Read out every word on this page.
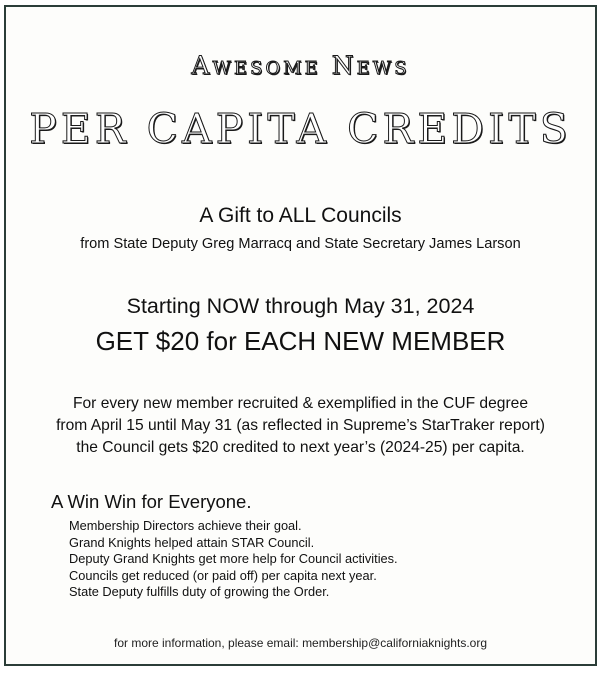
Awesome News
PER CAPITA CREDITS
A Gift to ALL Councils
from State Deputy Greg Marracq and State Secretary James Larson
Starting NOW through May 31, 2024
GET $20 for EACH NEW MEMBER
For every new member recruited & exemplified in the CUF degree
from April 15 until May 31 (as reflected in Supreme’s StarTraker report)
the Council gets $20 credited to next year’s (2024-25) per capita.
A Win Win for Everyone.
Membership Directors achieve their goal.
Grand Knights helped attain STAR Council.
Deputy Grand Knights get more help for Council activities.
Councils get reduced (or paid off) per capita next year.
State Deputy fulfills duty of growing the Order.
for more information, please email: membership@californiaknights.org
